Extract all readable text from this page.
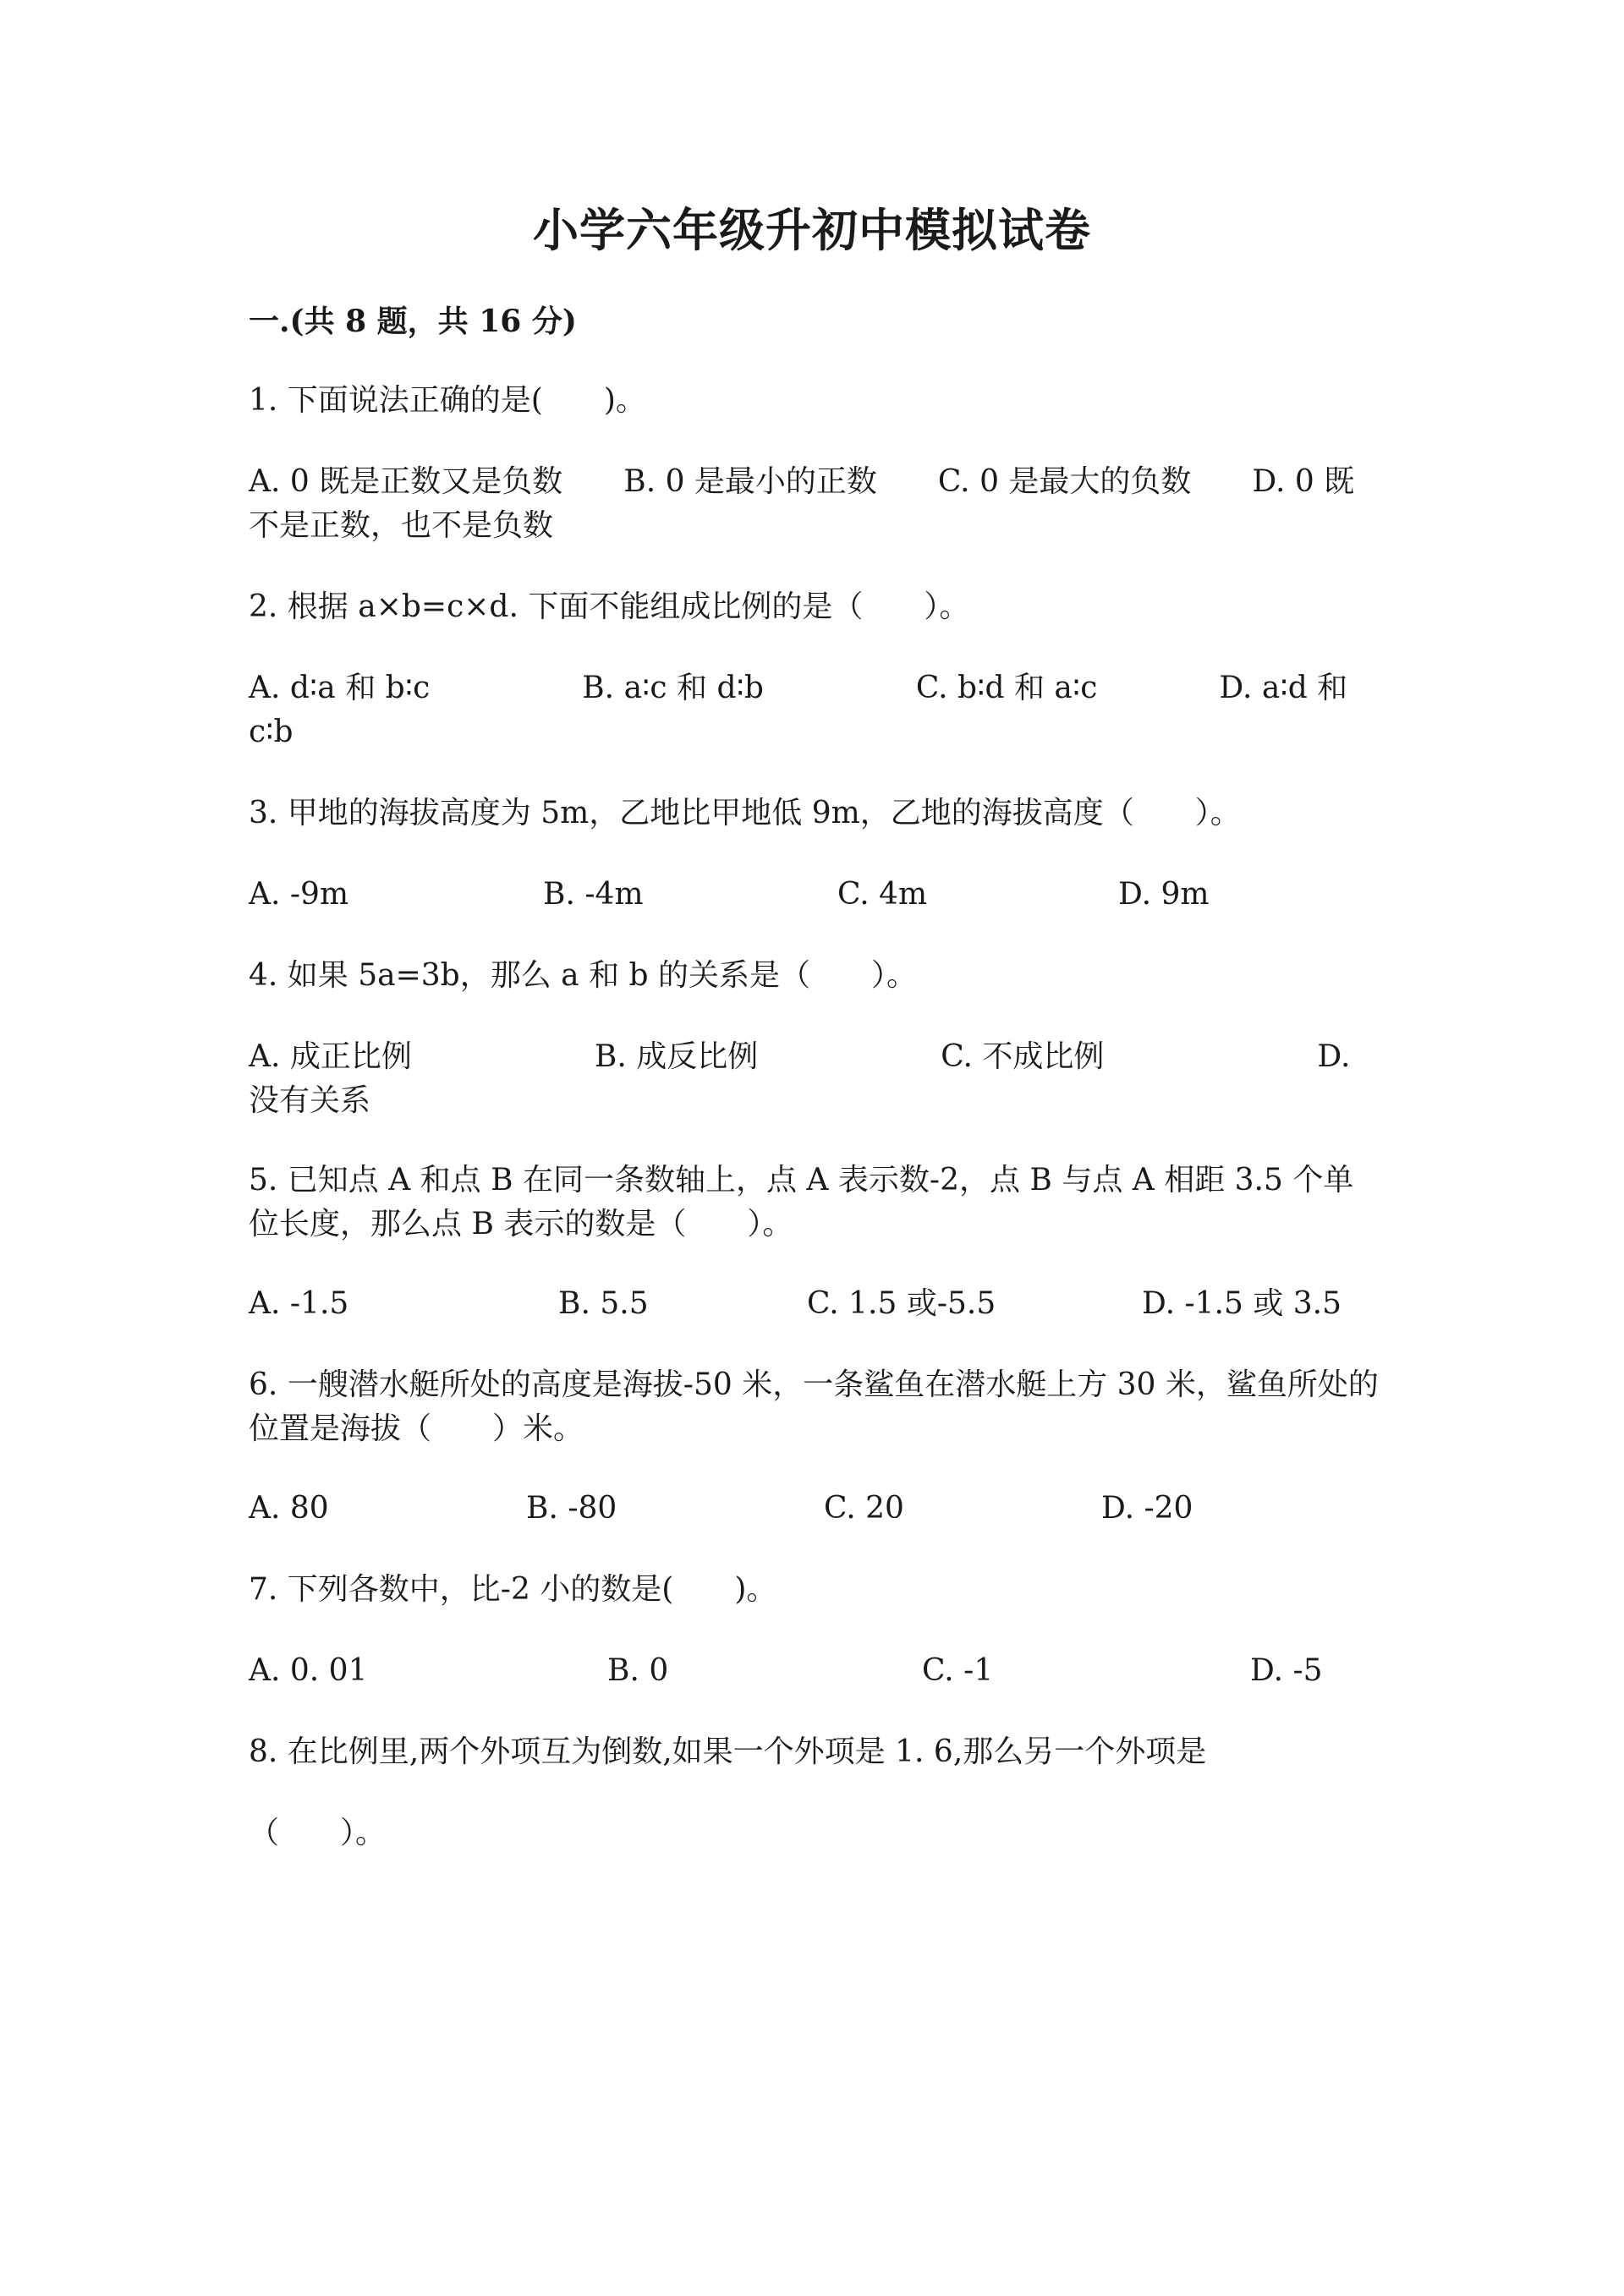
小学六年级升初中模拟试卷
一.(共 8 题，共 16 分)
1. 下面说法正确的是(　　)。
A. 0 既是正数又是负数　　B. 0 是最小的正数　　C. 0 是最大的负数　　D. 0 既不是正数，也不是负数
2. 根据 a×b=c×d. 下面不能组成比例的是（　　）。
A. d∶a 和 b∶c　　　　　B. a∶c 和 d∶b　　　　　C. b∶d 和 a∶c　　　　D. a∶d 和 c∶b
3. 甲地的海拔高度为 5m，乙地比甲地低 9m，乙地的海拔高度（　　）。
A. -9m	B. -4m	C. 4m	D. 9m
4. 如果 5a=3b，那么 a 和 b 的关系是（　　）。
A. 成正比例　　　　　　B. 成反比例　　　　　　C. 不成比例　　　　　　　D. 没有关系
5. 已知点 A 和点 B 在同一条数轴上，点 A 表示数-2，点 B 与点 A 相距 3.5 个单位长度，那么点 B 表示的数是（　　）。
A. -1.5	B. 5.5	C. 1.5 或-5.5	D. -1.5 或 3.5
6. 一艘潜水艇所处的高度是海拔-50 米，一条鲨鱼在潜水艇上方 30 米，鲨鱼所处的位置是海拔（　　）米。
A. 80	B. -80	C. 20	D. -20
7. 下列各数中，比-2 小的数是(　　)。
A. 0. 01	B. 0	C. -1	D. -5
8. 在比例里,两个外项互为倒数,如果一个外项是 1. 6,那么另一个外项是
（　　）。
